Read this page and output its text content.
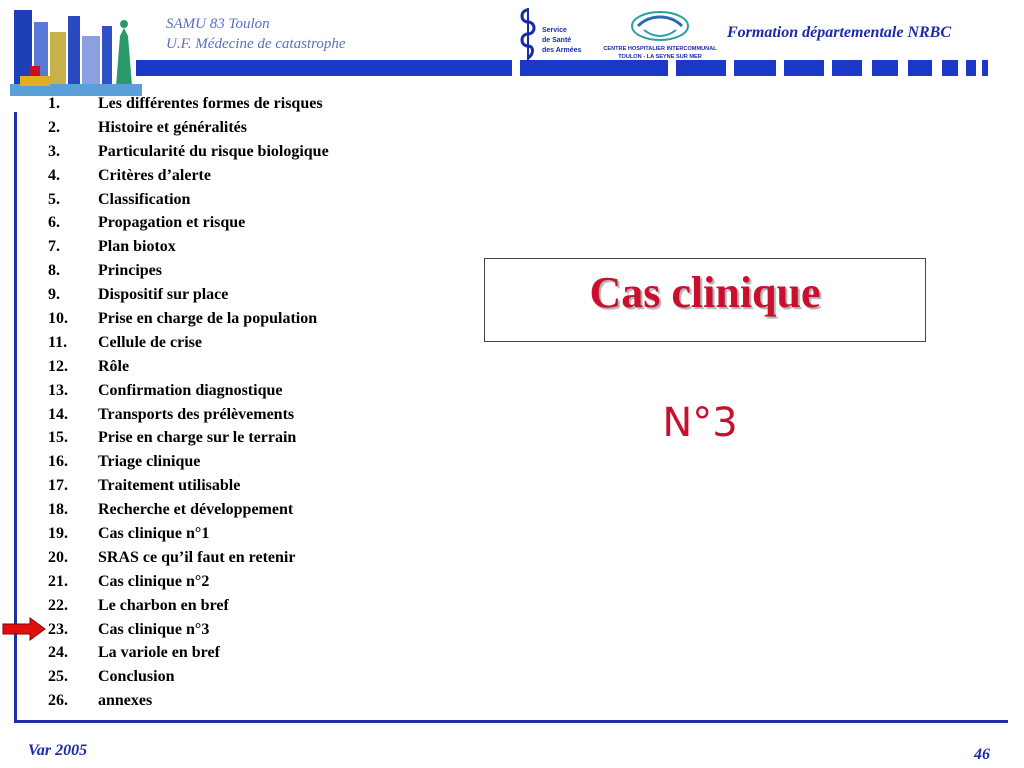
Service
de Santé
des Armées	CENTRE HOSPITALIER INTERCOMMUNAL
TOULON - LA SEYNE SUR MER
SAMU 83 Toulon
U.F. Médecine de catastrophe
Formation départementale NRBC
1. Les différentes formes de risques
2. Histoire et généralités
3. Particularité du risque biologique
4. Critères d’alerte
5. Classification
6. Propagation et risque
7. Plan biotox
8. Principes
9. Dispositif sur place
10. Prise en charge de la population
11. Cellule de crise
12. Rôle
13. Confirmation diagnostique
14. Transports des prélèvements
15. Prise en charge sur le terrain
16. Triage clinique
17. Traitement utilisable
18. Recherche et développement
19. Cas clinique n°1
20. SRAS ce qu’il faut en retenir
21. Cas clinique n°2
22. Le charbon en bref
23. Cas clinique n°3
24. La variole en bref
25. Conclusion
26. annexes
Cas clinique
N°3
Var 2005	46
